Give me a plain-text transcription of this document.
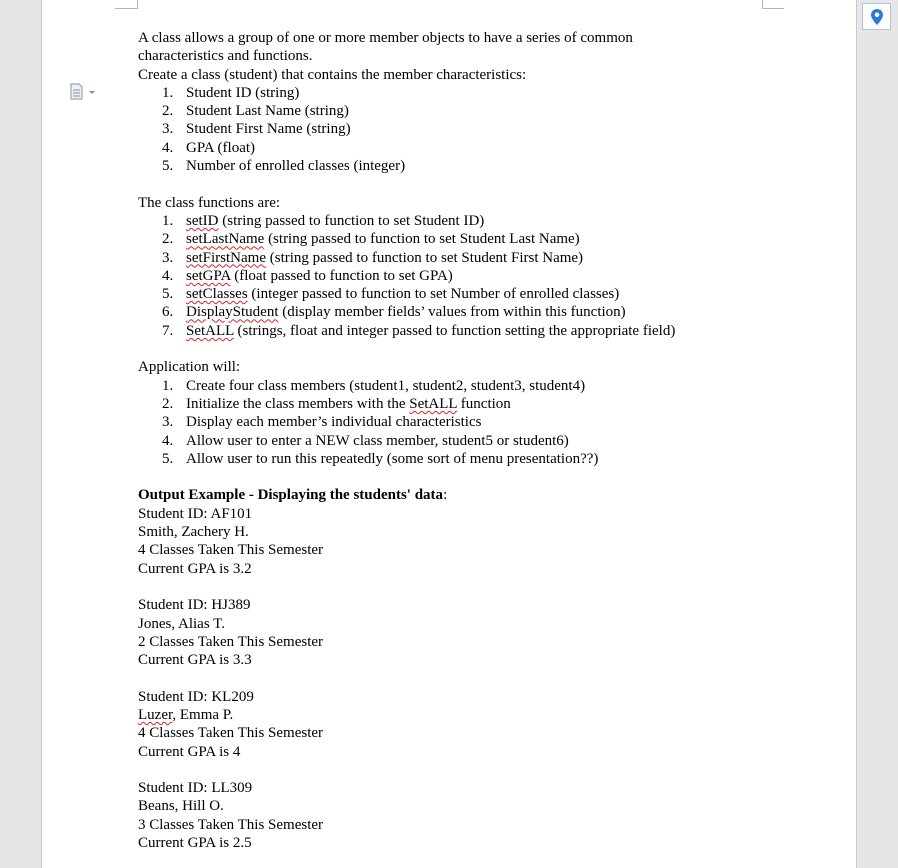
A class allows a group of one or more member objects to have a series of common
characteristics and functions.
Create a class (student) that contains the member characteristics:
1. Student ID (string)
2. Student Last Name (string)
3. Student First Name (string)
4. GPA (float)
5. Number of enrolled classes (integer)
The class functions are:
1. setID (string passed to function to set Student ID)
2. setLastName (string passed to function to set Student Last Name)
3. setFirstName (string passed to function to set Student First Name)
4. setGPA (float passed to function to set GPA)
5. setClasses (integer passed to function to set Number of enrolled classes)
6. DisplayStudent (display member fields’ values from within this function)
7. SetALL (strings, float and integer passed to function setting the appropriate field)
Application will:
1. Create four class members (student1, student2, student3, student4)
2. Initialize the class members with the SetALL function
3. Display each member’s individual characteristics
4. Allow user to enter a NEW class member, student5 or student6)
5. Allow user to run this repeatedly (some sort of menu presentation??)
Output Example - Displaying the students' data:
Student ID: AF101
Smith, Zachery H.
4 Classes Taken This Semester
Current GPA is 3.2
Student ID: HJ389
Jones, Alias T.
2 Classes Taken This Semester
Current GPA is 3.3
Student ID: KL209
Luzer, Emma P.
4 Classes Taken This Semester
Current GPA is 4
Student ID: LL309
Beans, Hill O.
3 Classes Taken This Semester
Current GPA is 2.5
